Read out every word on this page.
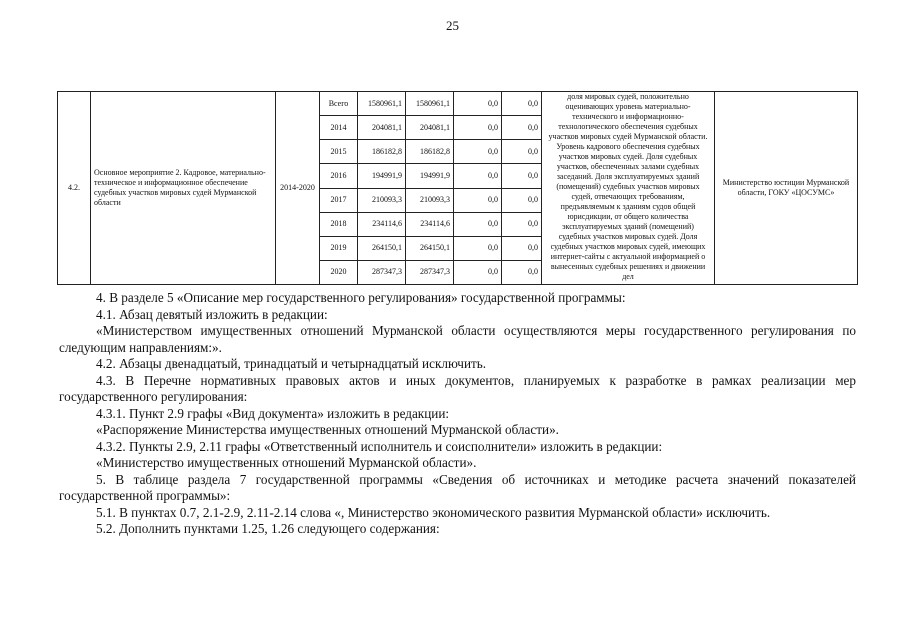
25
4.2.	Основное мероприятие 2. Кадровое, материально-техническое и информационное обеспечение судебных участков мировых судей Мурманской области	2014-2020	Всего	1580961,1	1580961,1	0,0	0,0	доля мировых судей, положительно оценивающих уровень материально-технического и информационно-технологического обеспечения судебных участков мировых судей Мурманской области. Уровень кадрового обеспечения судебных участков мировых судей. Доля судебных участков, обеспеченных залами судебных заседаний. Доля эксплуатируемых зданий (помещений) судебных участков мировых судей, отвечающих требованиям, предъявляемым к зданиям судов общей юрисдикции, от общего количества эксплуатируемых зданий (помещений) судебных участков мировых судей. Доля судебных участков мировых судей, имеющих интернет-сайты с актуальной информацией о вынесенных судебных решениях и движении дел	Министерство юстиции Мурманской области, ГОКУ «ЦОСУМС»
			2014	204081,1	204081,1	0,0	0,0		
			2015	186182,8	186182,8	0,0	0,0		
			2016	194991,9	194991,9	0,0	0,0		
			2017	210093,3	210093,3	0,0	0,0		
			2018	234114,6	234114,6	0,0	0,0		
			2019	264150,1	264150,1	0,0	0,0		
			2020	287347,3	287347,3	0,0	0,0		

4. В разделе 5 «Описание мер государственного регулирования» государственной программы:

4.1. Абзац девятый изложить в редакции:

«Министерством имущественных отношений Мурманской области осуществляются меры государственного регулирования по следующим направлениям:».

4.2. Абзацы двенадцатый, тринадцатый и четырнадцатый исключить.

4.3. В Перечне нормативных правовых актов и иных документов, планируемых к разработке в рамках реализации мер государственного регулирования:

4.3.1. Пункт 2.9 графы «Вид документа» изложить в редакции:

«Распоряжение Министерства имущественных отношений Мурманской области».

4.3.2. Пункты 2.9, 2.11 графы «Ответственный исполнитель и соисполнители» изложить в редакции:

«Министерство имущественных отношений Мурманской области».

5. В таблице раздела 7 государственной программы «Сведения об источниках и методике расчета значений показателей государственной программы»:

5.1. В пунктах 0.7, 2.1-2.9, 2.11-2.14 слова «, Министерство экономического развития Мурманской области» исключить.

5.2. Дополнить пунктами 1.25, 1.26 следующего содержания:
